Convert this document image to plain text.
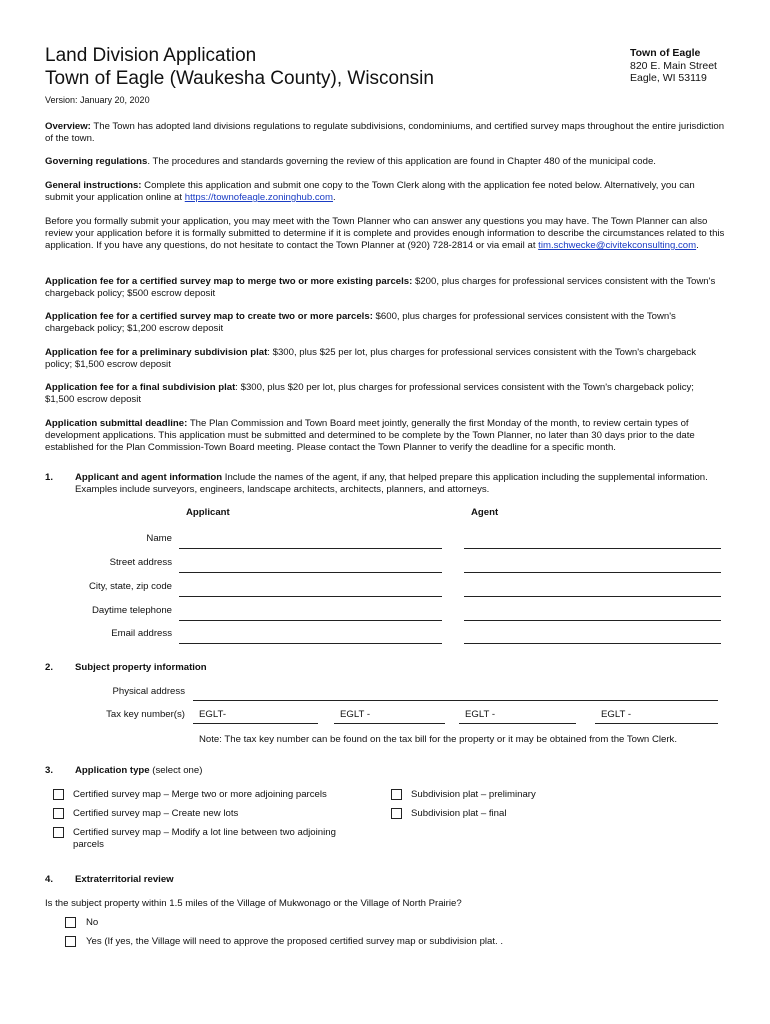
Land Division Application
Town of Eagle (Waukesha County), Wisconsin
Town of Eagle
820 E. Main Street
Eagle, WI 53119
Version: January 20, 2020
Overview: The Town has adopted land divisions regulations to regulate subdivisions, condominiums, and certified survey maps throughout the entire jurisdiction of the town.
Governing regulations. The procedures and standards governing the review of this application are found in Chapter 480 of the municipal code.
General instructions: Complete this application and submit one copy to the Town Clerk along with the application fee noted below. Alternatively, you can submit your application online at https://townofeagle.zoninghub.com.
Before you formally submit your application, you may meet with the Town Planner who can answer any questions you may have. The Town Planner can also review your application before it is formally submitted to determine if it is complete and provides enough information to describe the circumstances related to this application. If you have any questions, do not hesitate to contact the Town Planner at (920) 728-2814 or via email at tim.schwecke@civitekconsulting.com.
Application fee for a certified survey map to merge two or more existing parcels: $200, plus charges for professional services consistent with the Town's chargeback policy; $500 escrow deposit
Application fee for a certified survey map to create two or more parcels: $600, plus charges for professional services consistent with the Town's chargeback policy; $1,200 escrow deposit
Application fee for a preliminary subdivision plat: $300, plus $25 per lot, plus charges for professional services consistent with the Town's chargeback policy; $1,500 escrow deposit
Application fee for a final subdivision plat: $300, plus $20 per lot, plus charges for professional services consistent with the Town's chargeback policy; $1,500 escrow deposit
Application submittal deadline: The Plan Commission and Town Board meet jointly, generally the first Monday of the month, to review certain types of development applications. This application must be submitted and determined to be complete by the Town Planner, no later than 30 days prior to the date established for the Plan Commission-Town Board meeting. Please contact the Town Planner to verify the deadline for a specific month.
1. Applicant and agent information Include the names of the agent, if any, that helped prepare this application including the supplemental information. Examples include surveyors, engineers, landscape architects, architects, planners, and attorneys.
Applicant	Agent
Name
Street address
City, state, zip code
Daytime telephone
Email address
2. Subject property information
Physical address
Tax key number(s) EGLT-	EGLT -	EGLT -	EGLT -
Note: The tax key number can be found on the tax bill for the property or it may be obtained from the Town Clerk.
3. Application type (select one)
Certified survey map – Merge two or more adjoining parcels
Certified survey map – Create new lots
Certified survey map – Modify a lot line between two adjoining parcels
Subdivision plat – preliminary
Subdivision plat – final
4. Extraterritorial review
Is the subject property within 1.5 miles of the Village of Mukwonago or the Village of North Prairie?
No
Yes (If yes, the Village will need to approve the proposed certified survey map or subdivision plat. .
